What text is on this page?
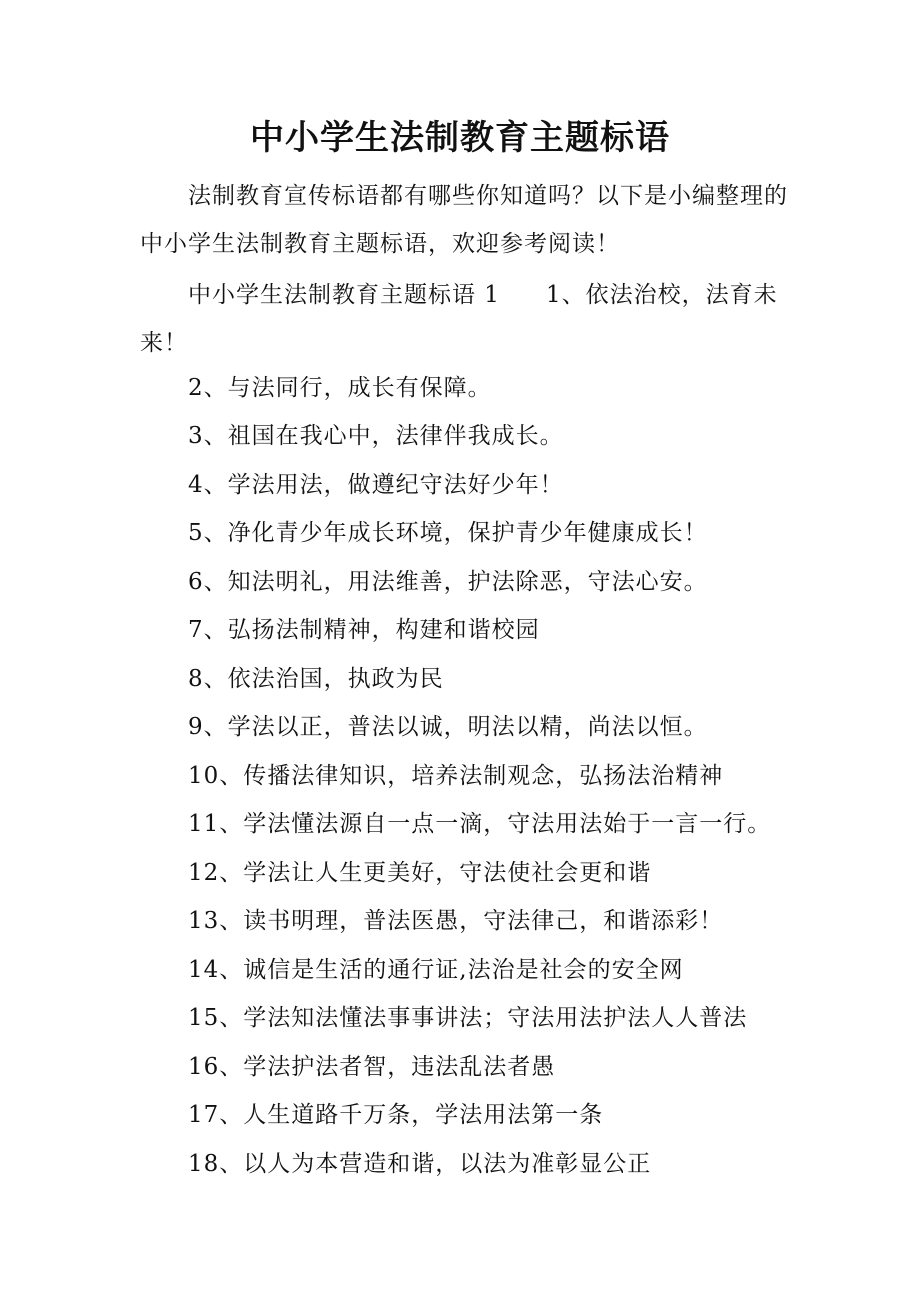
中小学生法制教育主题标语
法制教育宣传标语都有哪些你知道吗？以下是小编整理的中小学生法制教育主题标语，欢迎参考阅读！
中小学生法制教育主题标语 1 1、依法治校，法育未来！
2、与法同行，成长有保障。
3、祖国在我心中，法律伴我成长。
4、学法用法，做遵纪守法好少年！
5、净化青少年成长环境，保护青少年健康成长！
6、知法明礼，用法维善，护法除恶，守法心安。
7、弘扬法制精神，构建和谐校园
8、依法治国，执政为民
9、学法以正，普法以诚，明法以精，尚法以恒。
10、传播法律知识，培养法制观念，弘扬法治精神
11、学法懂法源自一点一滴，守法用法始于一言一行。
12、学法让人生更美好，守法使社会更和谐
13、读书明理，普法医愚，守法律己，和谐添彩！
14、诚信是生活的通行证,法治是社会的安全网
15、学法知法懂法事事讲法；守法用法护法人人普法
16、学法护法者智，违法乱法者愚
17、人生道路千万条，学法用法第一条
18、以人为本营造和谐，以法为准彰显公正
